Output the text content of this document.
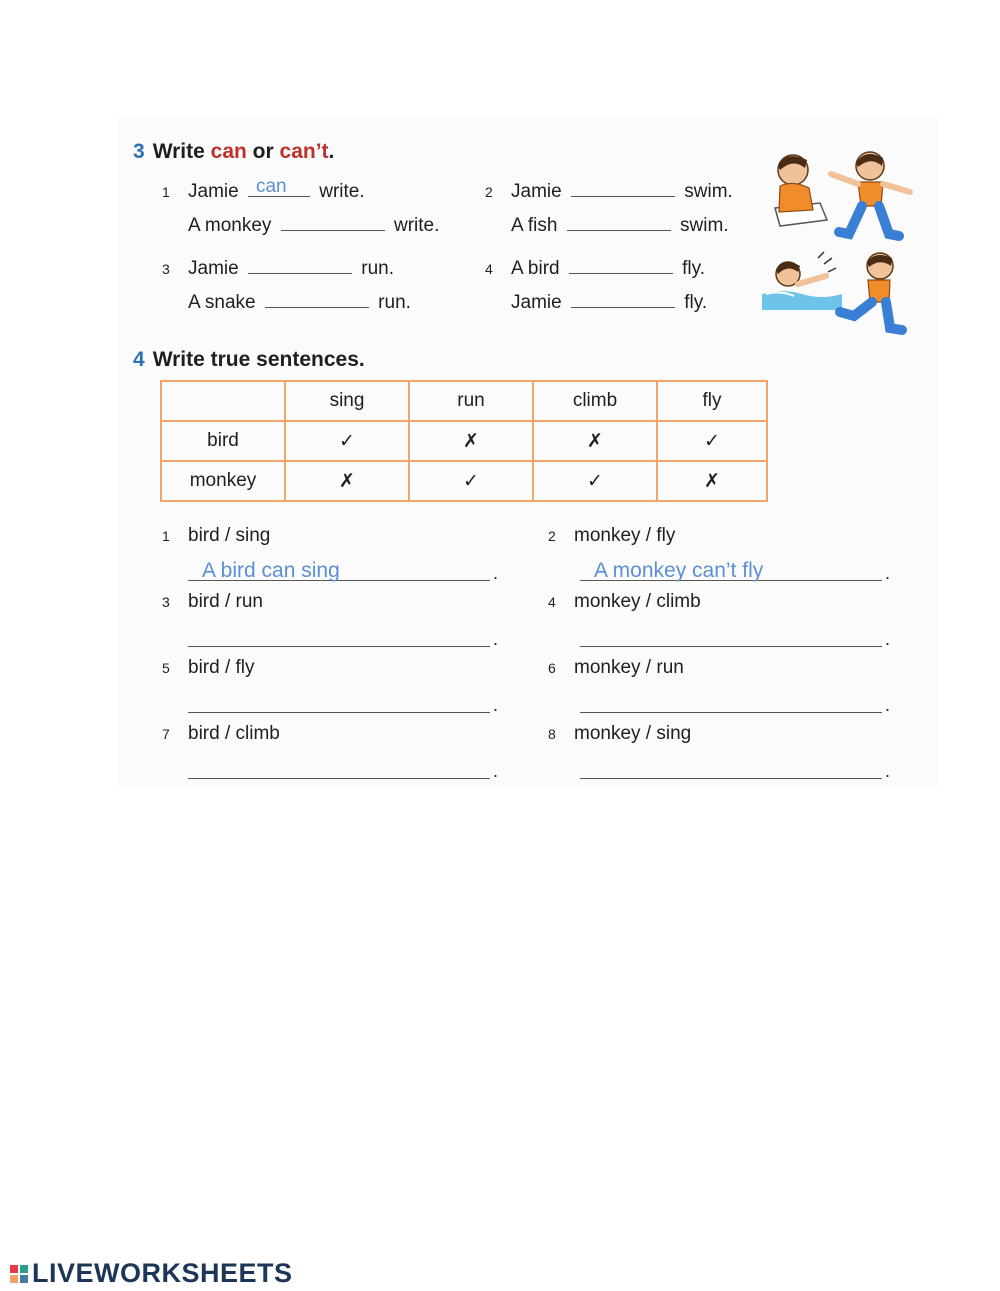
3 Write can or can’t.
1 Jamie can write.
A monkey	write.
2 Jamie	swim.
A fish	swim.
3 Jamie	run.
A snake	run.
4 A bird	fly.
Jamie	fly.
4 Write true sentences.
	sing	run	climb	fly
bird	✓	✗	✗	✓
monkey	✗	✓	✓	✗
1 bird / sing
A bird can sing	.
3 bird / run
.
5 bird / fly
.
7 bird / climb
.
2 monkey / fly
A monkey can’t fly	.
4 monkey / climb
.
6 monkey / run
.
8 monkey / sing
.
LIVEWORKSHEETS
